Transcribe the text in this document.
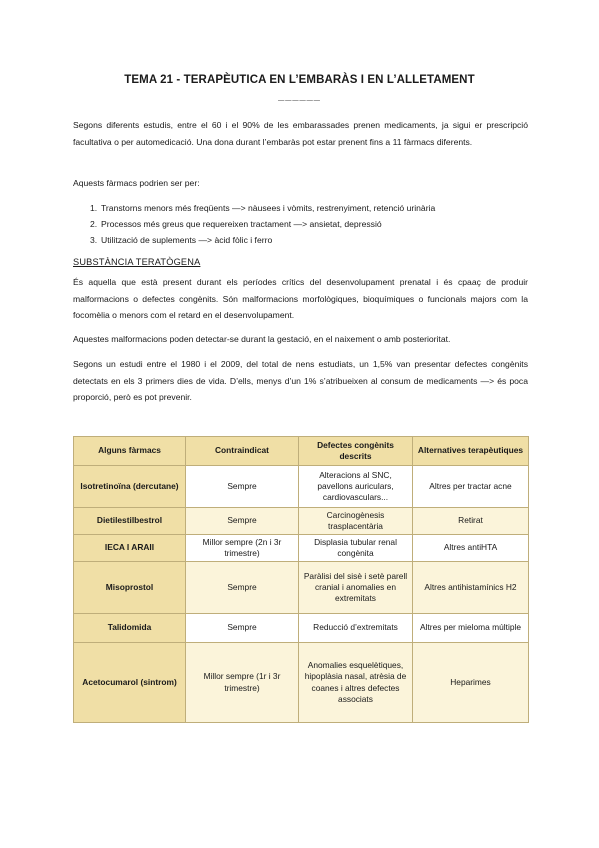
TEMA 21 - TERAPÈUTICA EN L’EMBARÀS I EN L’ALLETAMENT
______

Segons diferents estudis, entre el 60 i el 90% de les embarassades prenen medicaments, ja sigui er prescripció facultativa o per automedicació. Una dona durant l’embaràs pot estar prenent fins a 11 fàrmacs diferents.

Aquests fàrmacs podrien ser per:

1. Transtorns menors més freqüents —> nàusees i vòmits, restrenyiment, retenció urinària
2. Processos més greus que requereixen tractament —> ansietat, depressió
3. Utilització de suplements —> àcid fòlic i ferro
SUBSTÀNCIA TERATÒGENA

És aquella que està present durant els períodes crítics del desenvolupament prenatal i és cpaaç de produir malformacions o defectes congènits. Són malformacions morfològiques, bioquímiques o funcionals majors com la focomèlia o menors com el retard en el desenvolupament.

Aquestes malformacions poden detectar-se durant la gestació, en el naixement o amb posterioritat.

Segons un estudi entre el 1980 i el 2009, del total de nens estudiats, un 1,5% van presentar defectes congènits detectats en els 3 primers dies de vida. D’ells, menys d’un 1% s’atribueixen al consum de medicaments —> és poca proporció, però es pot prevenir.

Alguns fàrmacs	Contraindicat	Defectes congènits descrits	Alternatives terapèutiques
Isotretinoïna (dercutane)	Sempre	Alteracions al SNC, pavellons auriculars, cardiovasculars...	Altres per tractar acne
Dietilestilbestrol	Sempre	Carcinogènesis trasplacentària	Retirat
IECA I ARAII	Millor sempre (2n i 3r trimestre)	Displasia tubular renal congènita	Altres antiHTA
Misoprostol	Sempre	Paràlisi del sisè i setè parell cranial i anomalies en extremitats	Altres antihistamínics H2
Talidomida	Sempre	Reducció d’extremitats	Altres per mieloma múltiple
Acetocumarol (sintrom)	Millor sempre (1r i 3r trimestre)	Anomalies esquelètiques, hipoplàsia nasal, atrèsia de coanes i altres defectes associats	Heparimes
